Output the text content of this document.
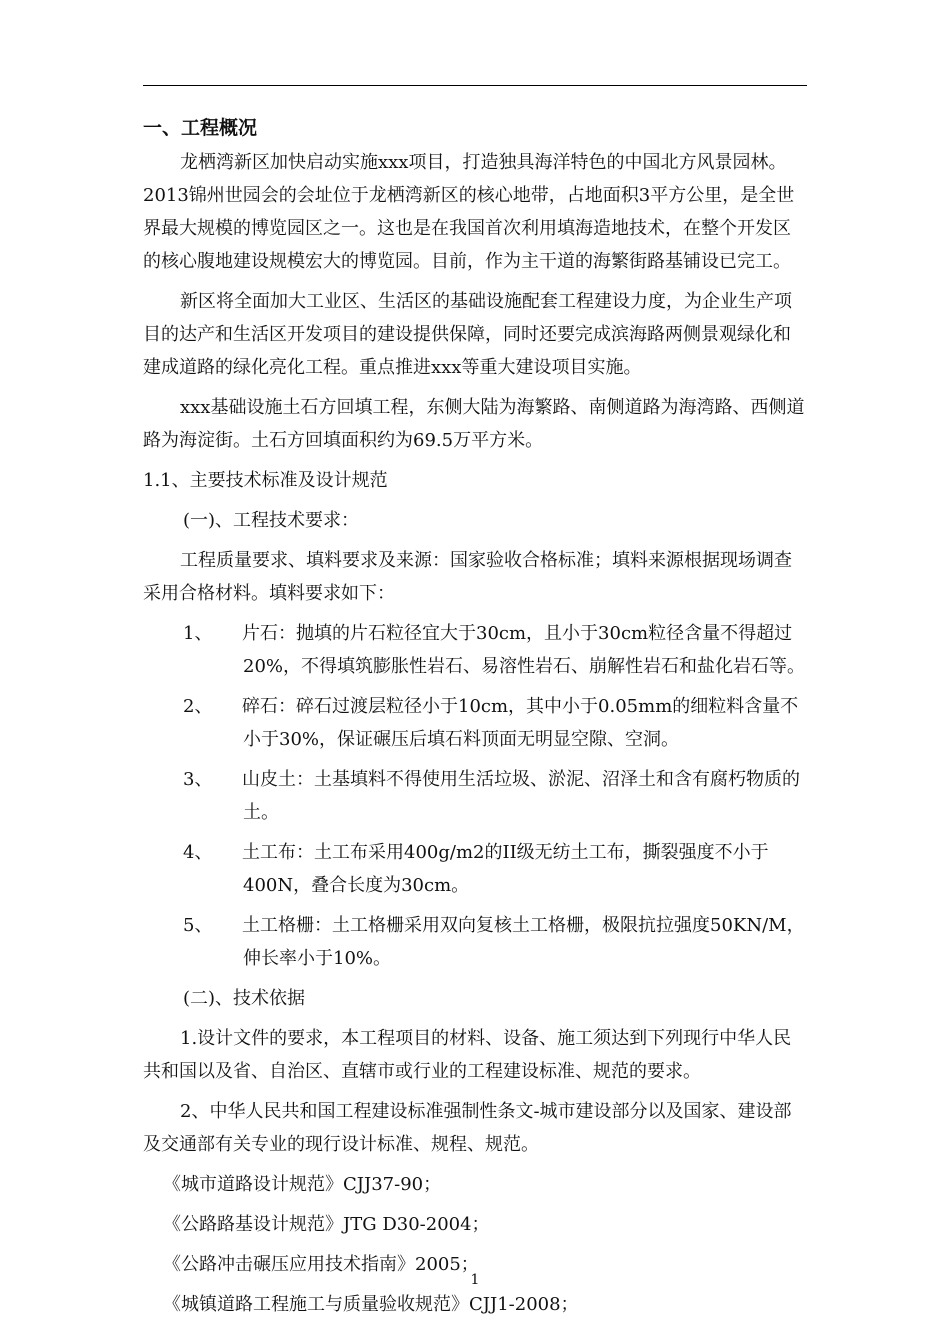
一、工程概况
龙栖湾新区加快启动实施xxx项目，打造独具海洋特色的中国北方风景园林。2013锦州世园会的会址位于龙栖湾新区的核心地带，占地面积3平方公里，是全世界最大规模的博览园区之一。这也是在我国首次利用填海造地技术，在整个开发区的核心腹地建设规模宏大的博览园。目前，作为主干道的海繁街路基铺设已完工。
新区将全面加大工业区、生活区的基础设施配套工程建设力度，为企业生产项目的达产和生活区开发项目的建设提供保障，同时还要完成滨海路两侧景观绿化和建成道路的绿化亮化工程。重点推进xxx等重大建设项目实施。
xxx基础设施土石方回填工程，东侧大陆为海繁路、南侧道路为海湾路、西侧道路为海淀街。土石方回填面积约为69.5万平方米。
1.1、主要技术标准及设计规范
(一)、工程技术要求：
工程质量要求、填料要求及来源：国家验收合格标准；填料来源根据现场调查采用合格材料。填料要求如下：
1、	片石：抛填的片石粒径宜大于30cm，且小于30cm粒径含量不得超过20%，不得填筑膨胀性岩石、易溶性岩石、崩解性岩石和盐化岩石等。
2、	碎石：碎石过渡层粒径小于10cm，其中小于0.05mm的细粒料含量不小于30%，保证碾压后填石料顶面无明显空隙、空洞。
3、	山皮土：土基填料不得使用生活垃圾、淤泥、沼泽土和含有腐朽物质的土。
4、	土工布：土工布采用400g/m2的II级无纺土工布，撕裂强度不小于400N，叠合长度为30cm。
5、	土工格栅：土工格栅采用双向复核土工格栅，极限抗拉强度50KN/M，伸长率小于10%。
(二)、技术依据
1.设计文件的要求，本工程项目的材料、设备、施工须达到下列现行中华人民共和国以及省、自治区、直辖市或行业的工程建设标准、规范的要求。
2、中华人民共和国工程建设标准强制性条文-城市建设部分以及国家、建设部及交通部有关专业的现行设计标准、规程、规范。
《城市道路设计规范》CJJ37-90；
《公路路基设计规范》JTG D30-2004；
《公路冲击碾压应用技术指南》2005；
《城镇道路工程施工与质量验收规范》CJJ1-2008；
1
